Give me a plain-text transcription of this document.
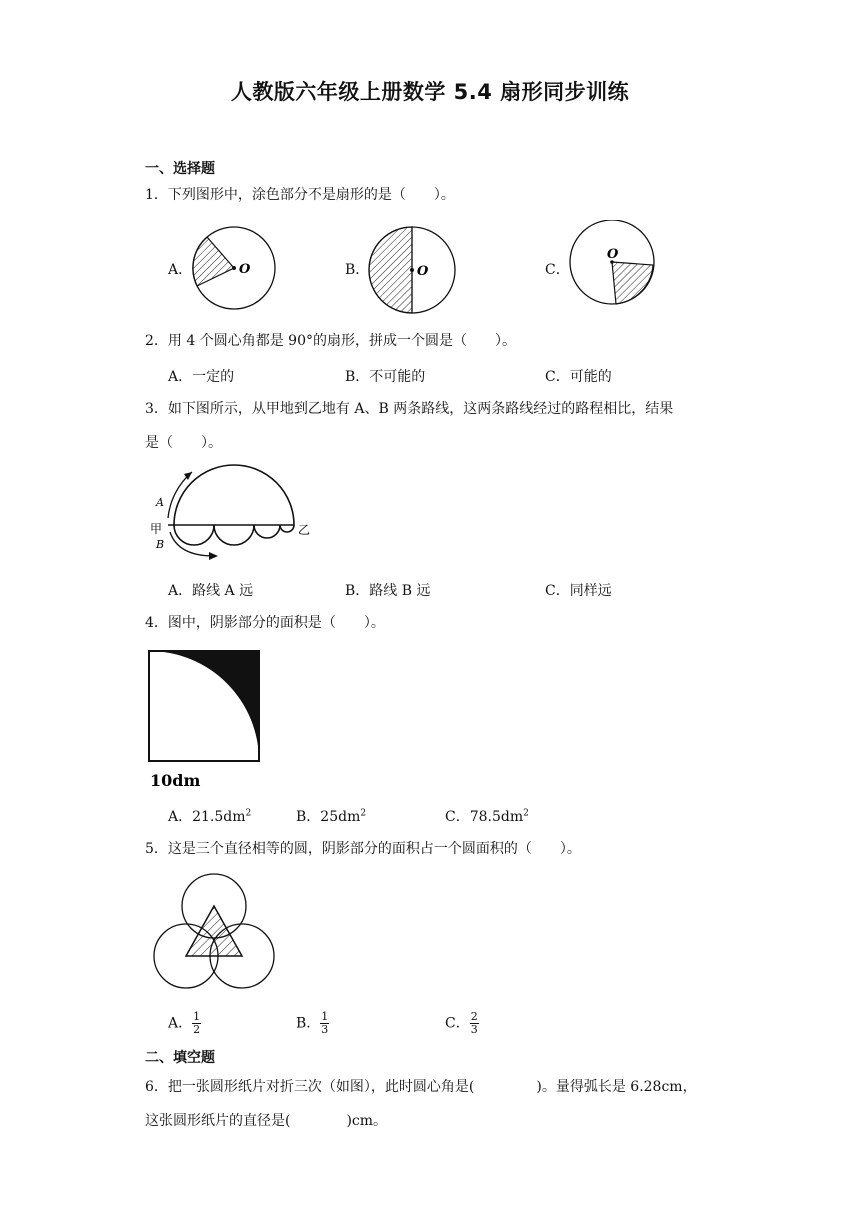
人教版六年级上册数学 5.4 扇形同步训练
一、选择题
1．下列图形中，涂色部分不是扇形的是（　　）。
A．	O	B．	O	C．
O
2．用 4 个圆心角都是 90°的扇形，拼成一个圆是（　　）。
A．一定的	B．不可能的	C．可能的
3．如下图所示，从甲地到乙地有 A、B 两条路线，这两条路线经过的路程相比，结果
是（　　）。
A
甲
B
乙
A．路线 A 远	B．路线 B 远	C．同样远
4．图中，阴影部分的面积是（　　）。
10dm
A．$21.5dm^2$	B．$25dm^2$	C．$78.5dm^2$
5．这是三个直径相等的圆，阴影部分的面积占一个圆面积的（　　）。
A． $\frac{1}{2}$	B． $\frac{1}{3}$	C． $\frac{2}{3}$
二、填空题
6．把一张圆形纸片对折三次（如图），此时圆心角是(	)。量得弧长是 6.28cm，
这张圆形纸片的直径是(	)cm。
